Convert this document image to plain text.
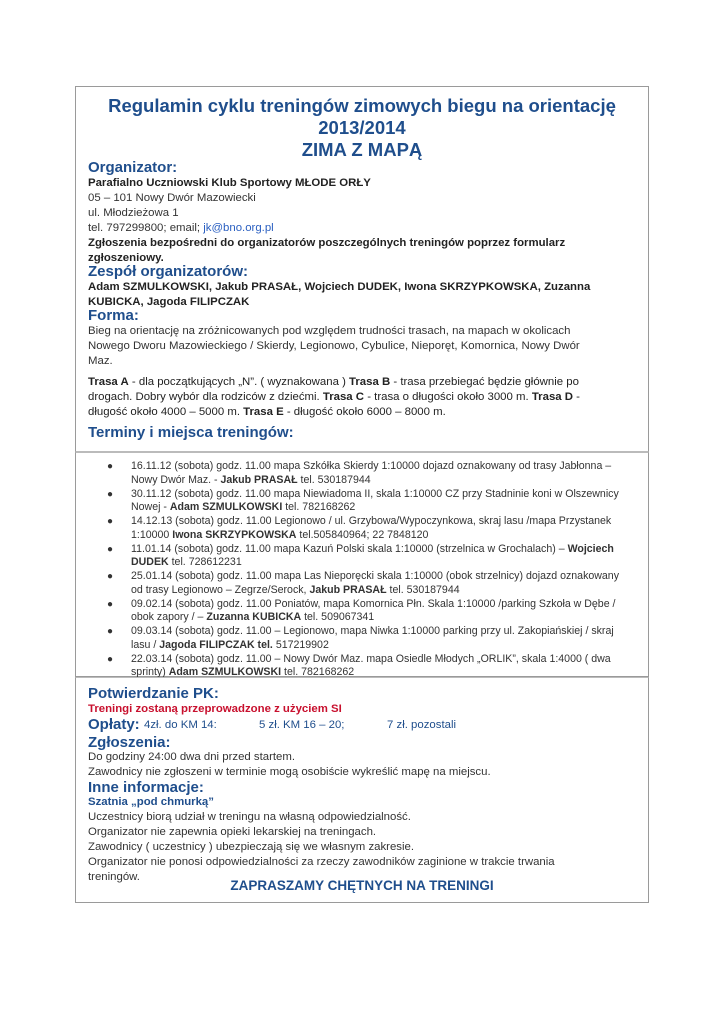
Regulamin cyklu treningów zimowych biegu na orientację
2013/2014
ZIMA Z MAPĄ
Organizator:
Parafialno Uczniowski Klub Sportowy MŁODE ORŁY
05 – 101 Nowy Dwór Mazowiecki
ul. Młodzieżowa 1
tel. 797299800; email; jk@bno.org.pl
Zgłoszenia bezpośredni do organizatorów poszczególnych treningów poprzez formularz
zgłoszeniowy.
Zespół organizatorów:
Adam SZMULKOWSKI, Jakub PRASAŁ, Wojciech DUDEK, Iwona SKRZYPKOWSKA, Zuzanna
KUBICKA, Jagoda FILIPCZAK
Forma:
Bieg na orientację na zróżnicowanych pod względem trudności trasach, na mapach w okolicach
Nowego Dworu Mazowieckiego / Skierdy, Legionowo, Cybulice, Nieporęt, Komornica, Nowy Dwór
Maz.
Trasa A - dla początkujących „N”. ( wyznakowana ) Trasa B - trasa przebiegać będzie głównie po
drogach. Dobry wybór dla rodziców z dziećmi. Trasa C - trasa o długości około 3000 m. Trasa D -
długość około 4000 – 5000 m. Trasa E - długość około 6000 – 8000 m.
Terminy i miejsca treningów:
● 16.11.12 (sobota) godz. 11.00 mapa Szkółka Skierdy 1:10000 dojazd oznakowany od trasy Jabłonna –
Nowy Dwór Maz. - Jakub PRASAŁ tel. 530187944
● 30.11.12 (sobota) godz. 11.00 mapa Niewiadoma II, skala 1:10000 CZ przy Stadninie koni w Olszewnicy
Nowej - Adam SZMULKOWSKI tel. 782168262
● 14.12.13 (sobota) godz. 11.00 Legionowo / ul. Grzybowa/Wypoczynkowa, skraj lasu /mapa Przystanek
1:10000 Iwona SKRZYPKOWSKA tel.505840964; 22 7848120
● 11.01.14 (sobota) godz. 11.00 mapa Kazuń Polski skala 1:10000 (strzelnica w Grochalach) – Wojciech
DUDEK tel. 728612231
● 25.01.14 (sobota) godz. 11.00 mapa Las Nieporęcki skala 1:10000 (obok strzelnicy) dojazd oznakowany
od trasy Legionowo – Zegrze/Serock, Jakub PRASAŁ tel. 530187944
● 09.02.14 (sobota) godz. 11.00 Poniatów, mapa Komornica Płn. Skala 1:10000 /parking Szkoła w Dębe /
obok zapory / – Zuzanna KUBICKA tel. 509067341
● 09.03.14 (sobota) godz. 11.00 – Legionowo, mapa Niwka 1:10000 parking przy ul. Zakopiańskiej / skraj
lasu / Jagoda FILIPCZAK tel. 517219902
● 22.03.14 (sobota) godz. 11.00 – Nowy Dwór Maz. mapa Osiedle Młodych „ORLIK”, skala 1:4000 ( dwa
sprinty) Adam SZMULKOWSKI tel. 782168262
Potwierdzanie PK:
Treningi zostaną przeprowadzone z użyciem SI
Opłaty: 4zł. do KM 14:	5 zł. KM 16 – 20;	7 zł. pozostali
Zgłoszenia:
Do godziny 24:00 dwa dni przed startem.
Zawodnicy nie zgłoszeni w terminie mogą osobiście wykreślić mapę na miejscu.
Inne informacje:
Szatnia „pod chmurką”
Uczestnicy biorą udział w treningu na własną odpowiedzialność.
Organizator nie zapewnia opieki lekarskiej na treningach.
Zawodnicy ( uczestnicy ) ubezpieczają się we własnym zakresie.
Organizator nie ponosi odpowiedzialności za rzeczy zawodników zaginione w trakcie trwania
treningów.
ZAPRASZAMY CHĘTNYCH NA TRENINGI
